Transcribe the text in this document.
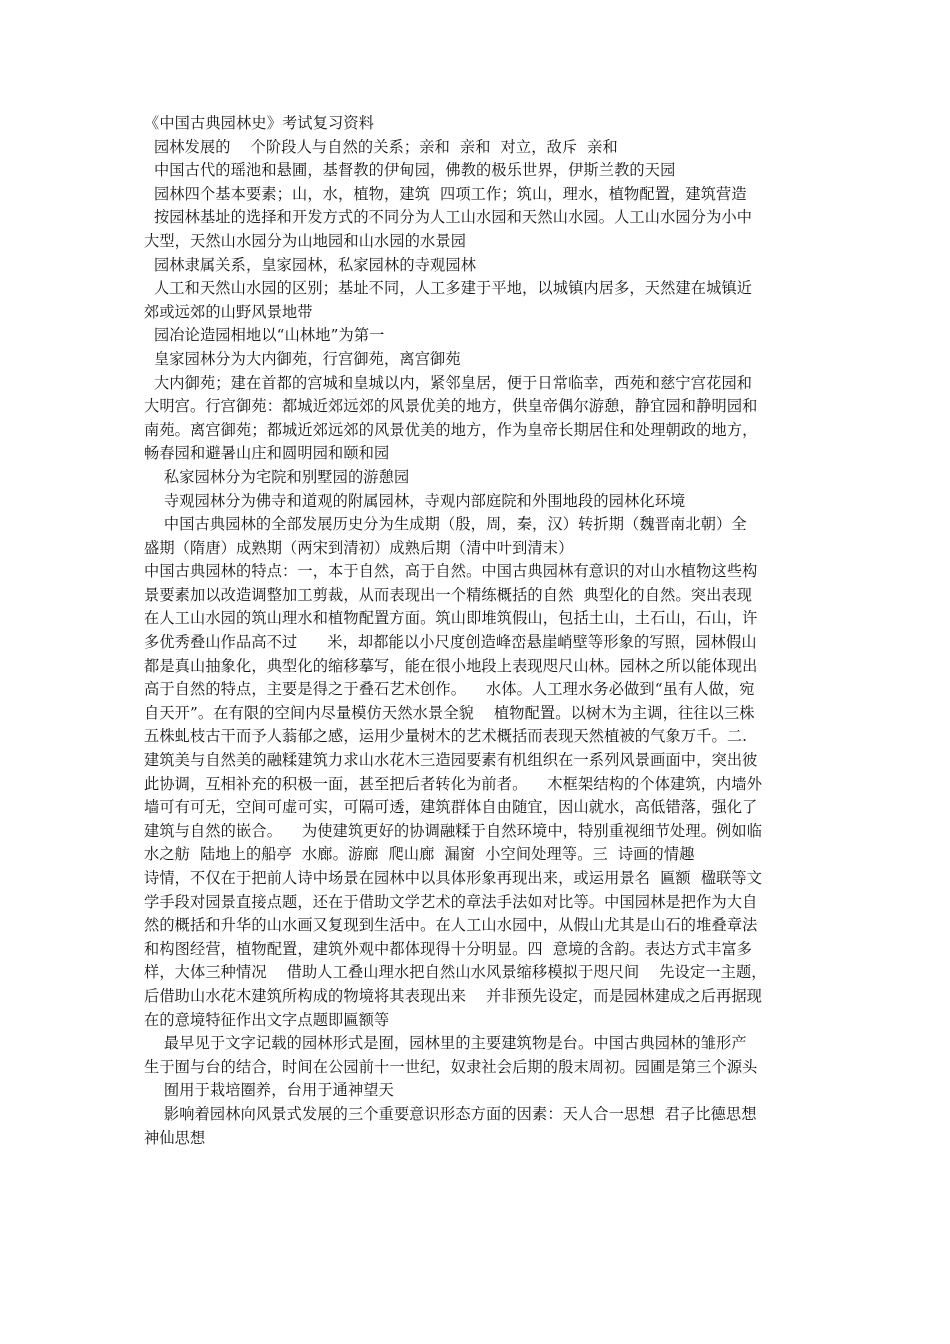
《中国古典园林史》考试复习资料
园林发展的    个阶段人与自然的关系；亲和  亲和  对立，敌斥  亲和
中国古代的瑶池和悬圃，基督教的伊甸园，佛教的极乐世界，伊斯兰教的天园
园林四个基本要素；山，水，植物，建筑  四项工作；筑山，理水，植物配置，建筑营造
按园林基址的选择和开发方式的不同分为人工山水园和天然山水园。人工山水园分为小中
大型，天然山水园分为山地园和山水园的水景园
园林隶属关系，皇家园林，私家园林的寺观园林
人工和天然山水园的区别；基址不同，人工多建于平地，以城镇内居多，天然建在城镇近
郊或远郊的山野风景地带
园冶论造园相地以“山林地”为第一
皇家园林分为大内御苑，行宫御苑，离宫御苑
大内御苑；建在首都的宫城和皇城以内，紧邻皇居，便于日常临幸，西苑和慈宁宫花园和
大明宫。行宫御苑：都城近郊远郊的风景优美的地方，供皇帝偶尔游憩，静宜园和静明园和
南苑。离宫御苑；都城近郊远郊的风景优美的地方，作为皇帝长期居住和处理朝政的地方，
畅春园和避暑山庄和圆明园和颐和园
私家园林分为宅院和别墅园的游憩园
寺观园林分为佛寺和道观的附属园林，寺观内部庭院和外围地段的园林化环境
中国古典园林的全部发展历史分为生成期（殷，周，秦，汉）转折期（魏晋南北朝）全
盛期（隋唐）成熟期（两宋到清初）成熟后期（清中叶到清末）
中国古典园林的特点：一，本于自然，高于自然。中国古典园林有意识的对山水植物这些构
景要素加以改造调整加工剪裁，从而表现出一个精练概括的自然  典型化的自然。突出表现
在人工山水园的筑山理水和植物配置方面。筑山即堆筑假山，包括土山，土石山，石山，许
多优秀叠山作品高不过      米，却都能以小尺度创造峰峦悬崖峭壁等形象的写照，园林假山
都是真山抽象化，典型化的缩移摹写，能在很小地段上表现咫尺山林。园林之所以能体现出
高于自然的特点，主要是得之于叠石艺术创作。    水体。人工理水务必做到“虽有人做，宛
自天开”。在有限的空间内尽量模仿天然水景全貌    植物配置。以树木为主调，往往以三株
五株虬枝古干而予人蓊郁之感，运用少量树木的艺术概括而表现天然植被的气象万千。二.
建筑美与自然美的融糅建筑力求山水花木三造园要素有机组织在一系列风景画面中，突出彼
此协调，互相补充的积极一面，甚至把后者转化为前者。    木框架结构的个体建筑，内墙外
墙可有可无，空间可虚可实，可隔可透，建筑群体自由随宜，因山就水，高低错落，强化了
建筑与自然的嵌合。    为使建筑更好的协调融糅于自然环境中，特别重视细节处理。例如临
水之舫  陆地上的船亭  水廊。游廊  爬山廊  漏窗  小空间处理等。三  诗画的情趣
诗情，不仅在于把前人诗中场景在园林中以具体形象再现出来，或运用景名  匾额  楹联等文
学手段对园景直接点题，还在于借助文学艺术的章法手法如对比等。中国园林是把作为大自
然的概括和升华的山水画又复现到生活中。在人工山水园中，从假山尤其是山石的堆叠章法
和构图经营，植物配置，建筑外观中都体现得十分明显。四  意境的含韵。表达方式丰富多
样，大体三种情况    借助人工叠山理水把自然山水风景缩移模拟于咫尺间    先设定一主题，
后借助山水花木建筑所构成的物境将其表现出来    并非预先设定，而是园林建成之后再据现
在的意境特征作出文字点题即匾额等
最早见于文字记载的园林形式是囿，园林里的主要建筑物是台。中国古典园林的雏形产
生于囿与台的结合，时间在公园前十一世纪，奴隶社会后期的殷末周初。园圃是第三个源头
囿用于栽培圈养，台用于通神望天
影响着园林向风景式发展的三个重要意识形态方面的因素：天人合一思想  君子比德思想
神仙思想
